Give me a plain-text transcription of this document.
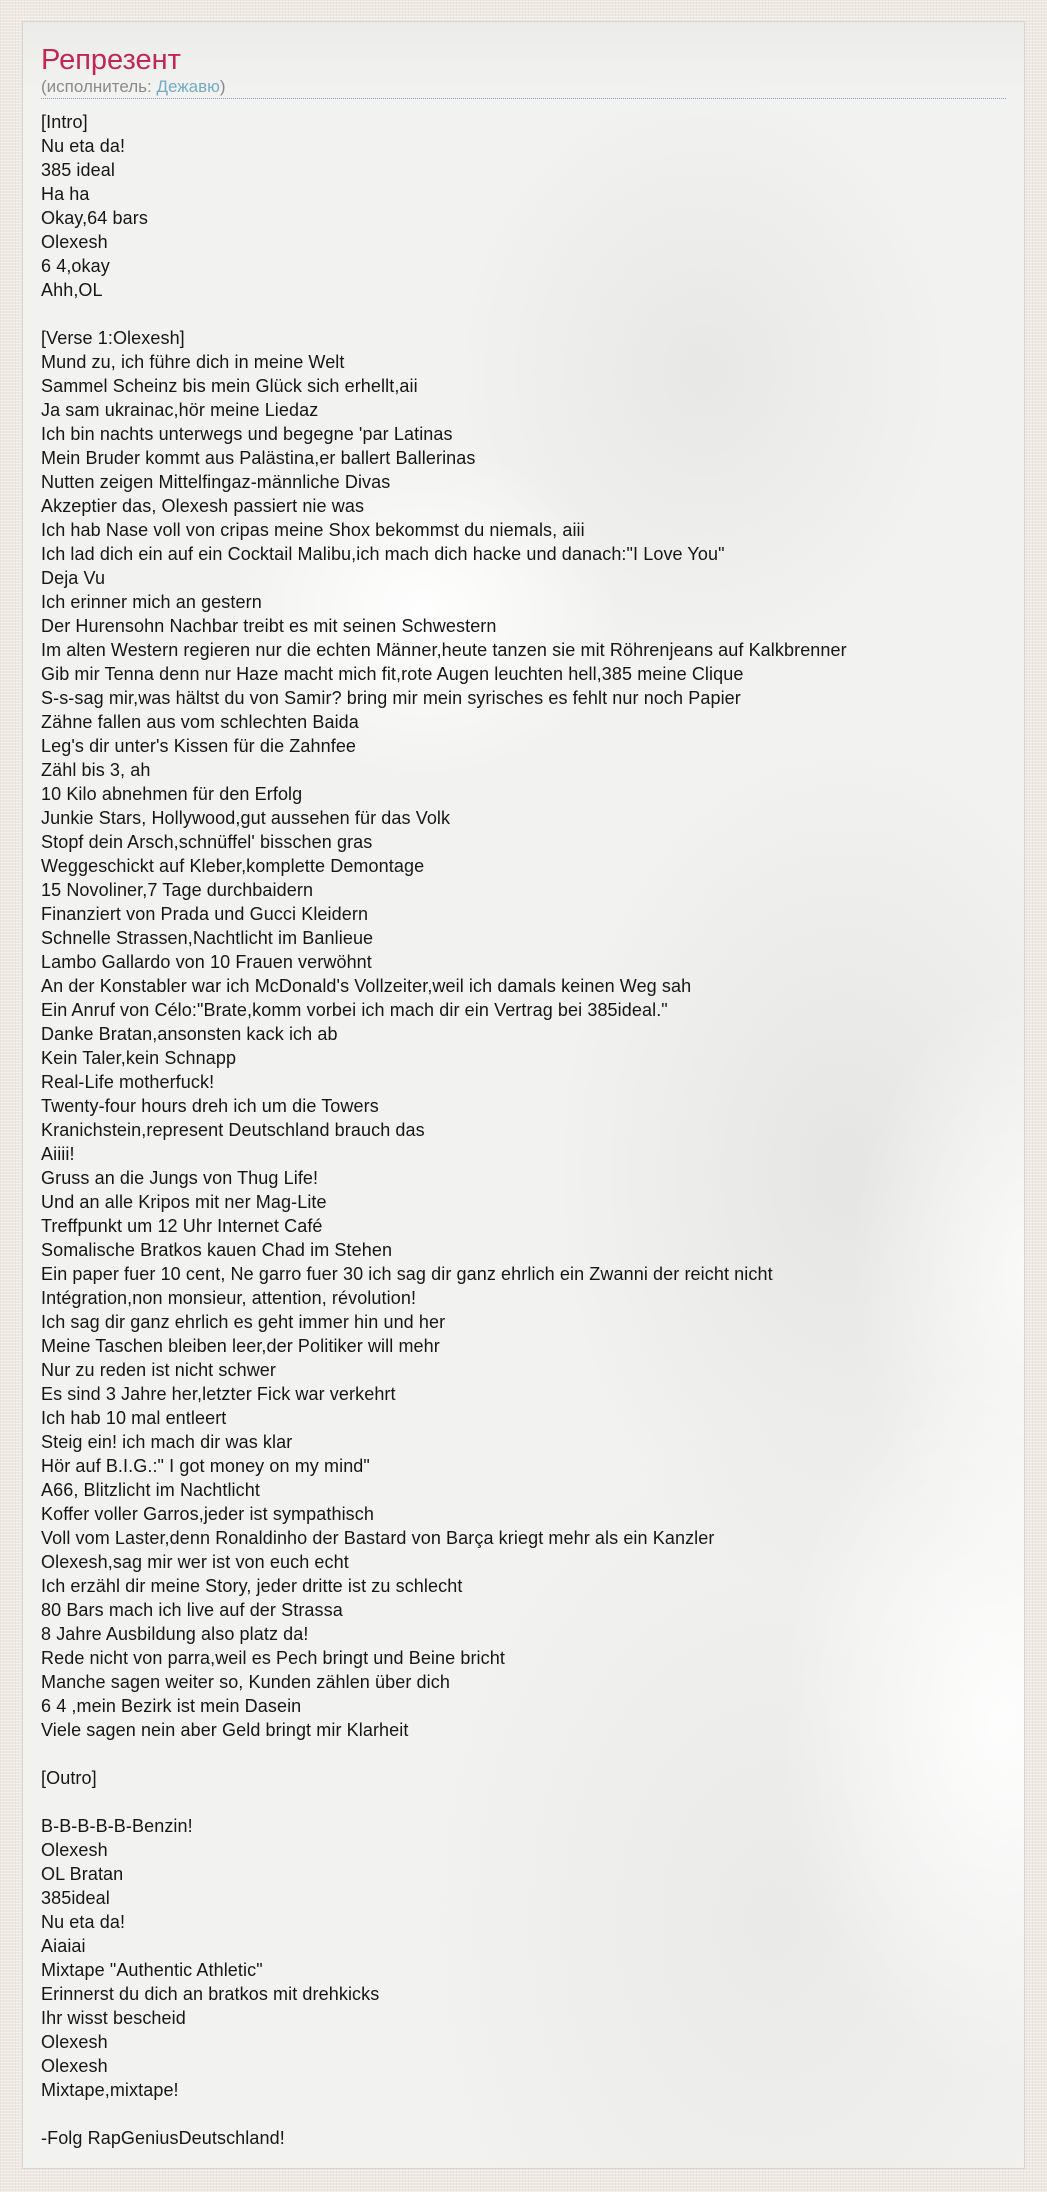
Репрезент
(исполнитель: Дежавю)
[Intro]
Nu eta da!
385 ideal
Ha ha
Okay,64 bars
Olexesh
6 4,okay
Ahh,OL

[Verse 1:Olexesh]
Mund zu, ich führe dich in meine Welt
Sammel Scheinz bis mein Glück sich erhellt,aii
Ja sam ukrainac,hör meine Liedaz
Ich bin nachts unterwegs und begegne 'par Latinas
Mein Bruder kommt aus Palästina,er ballert Ballerinas
Nutten zeigen Mittelfingaz-männliche Divas
Akzeptier das, Olexesh passiert nie was
Ich hab Nase voll von cripas meine Shox bekommst du niemals, aiii
Ich lad dich ein auf ein Cocktail Malibu,ich mach dich hacke und danach:"I Love You"
Deja Vu
Ich erinner mich an gestern
Der Hurensohn Nachbar treibt es mit seinen Schwestern
Im alten Western regieren nur die echten Männer,heute tanzen sie mit Röhrenjeans auf Kalkbrenner
Gib mir Tenna denn nur Haze macht mich fit,rote Augen leuchten hell,385 meine Clique
S-s-sag mir,was hältst du von Samir? bring mir mein syrisches es fehlt nur noch Papier
Zähne fallen aus vom schlechten Baida
Leg's dir unter's Kissen für die Zahnfee
Zähl bis 3, ah
10 Kilo abnehmen für den Erfolg
Junkie Stars, Hollywood,gut aussehen für das Volk
Stopf dein Arsch,schnüffel' bisschen gras
Weggeschickt auf Kleber,komplette Demontage
15 Novoliner,7 Tage durchbaidern
Finanziert von Prada und Gucci Kleidern
Schnelle Strassen,Nachtlicht im Banlieue
Lambo Gallardo von 10 Frauen verwöhnt
An der Konstabler war ich McDonald's Vollzeiter,weil ich damals keinen Weg sah
Ein Anruf von Célo:"Brate,komm vorbei ich mach dir ein Vertrag bei 385ideal."
Danke Bratan,ansonsten kack ich ab
Kein Taler,kein Schnapp
Real-Life motherfuck!
Twenty-four hours dreh ich um die Towers
Kranichstein,represent Deutschland brauch das
Aiiii!
Gruss an die Jungs von Thug Life!
Und an alle Kripos mit ner Mag-Lite
Treffpunkt um 12 Uhr Internet Café
Somalische Bratkos kauen Chad im Stehen
Ein paper fuer 10 cent, Ne garro fuer 30 ich sag dir ganz ehrlich ein Zwanni der reicht nicht
Intégration,non monsieur, attention, révolution!
Ich sag dir ganz ehrlich es geht immer hin und her
Meine Taschen bleiben leer,der Politiker will mehr
Nur zu reden ist nicht schwer
Es sind 3 Jahre her,letzter Fick war verkehrt
Ich hab 10 mal entleert
Steig ein! ich mach dir was klar
Hör auf B.I.G.:" I got money on my mind"
A66, Blitzlicht im Nachtlicht
Koffer voller Garros,jeder ist sympathisch
Voll vom Laster,denn Ronaldinho der Bastard von Barça kriegt mehr als ein Kanzler
Olexesh,sag mir wer ist von euch echt
Ich erzähl dir meine Story, jeder dritte ist zu schlecht
80 Bars mach ich live auf der Strassa
8 Jahre Ausbildung also platz da!
Rede nicht von parra,weil es Pech bringt und Beine bricht
Manche sagen weiter so, Kunden zählen über dich
6 4 ,mein Bezirk ist mein Dasein
Viele sagen nein aber Geld bringt mir Klarheit

[Outro]

B-B-B-B-B-Benzin!
Olexesh
OL Bratan
385ideal
Nu eta da!
Aiaiai
Mixtape "Authentic Athletic"
Erinnerst du dich an bratkos mit drehkicks
Ihr wisst bescheid
Olexesh
Olexesh
Mixtape,mixtape!

-Folg RapGeniusDeutschland!
